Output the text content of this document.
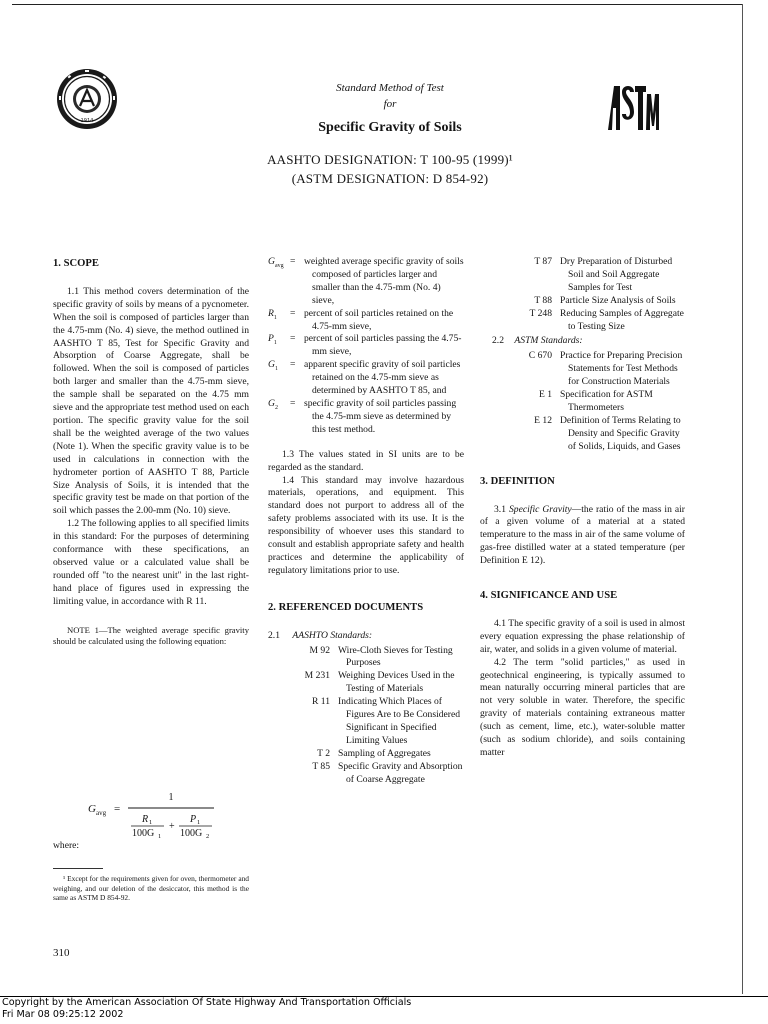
1914
ASTM
Standard Method of Test
for
Specific Gravity of Soils
AASHTO DESIGNATION: T 100-95 (1999)¹
(ASTM DESIGNATION: D 854-92)
1. SCOPE

1.1 This method covers determination of the specific gravity of soils by means of a pycnometer. When the soil is composed of particles larger than the 4.75-mm (No. 4) sieve, the method outlined in AASHTO T 85, Test for Specific Gravity and Absorption of Coarse Aggregate, shall be followed. When the soil is composed of particles both larger and smaller than the 4.75-mm sieve, the sample shall be separated on the 4.75 mm sieve and the appropriate test method used on each portion. The specific gravity value for the soil shall be the weighted average of the two values (Note 1). When the specific gravity value is to be used in calculations in connection with the hydrometer portion of AASHTO T 88, Particle Size Analysis of Soils, it is intended that the specific gravity test be made on that portion of the soil which passes the 2.00-mm (No. 10) sieve.

1.2 The following applies to all specified limits in this standard: For the purposes of determining conformance with these specifications, an observed value or a calculated value shall be rounded off "to the nearest unit" in the last right-hand place of figures used in expressing the limiting value, in accordance with R 11.

NOTE 1—The weighted average specific gravity should be calculated using the following equation:

G avg =
1
R 1
100G 1
+
P 1
100G 2
where:
¹ Except for the requirements given for oven, thermometer and weighing, and our deletion of the desiccator, this method is the same as ASTM D 854-92.
310
$G_{avg}$ = weighted average specific gravity of soils composed of particles larger and smaller than the 4.75-mm (No. 4) sieve,
$R_1$	= percent of soil particles retained on the 4.75-mm sieve,
$P_1$	= percent of soil particles passing the 4.75-mm sieve,
$G_1$	= apparent specific gravity of soil particles retained on the 4.75-mm sieve as determined by AASHTO T 85, and
$G_2$	= specific gravity of soil particles passing the 4.75-mm sieve as determined by this test method.

1.3 The values stated in SI units are to be regarded as the standard.

1.4 This standard may involve hazardous materials, operations, and equipment. This standard does not purport to address all of the safety problems associated with its use. It is the responsibility of whoever uses this standard to consult and establish appropriate safety and health practices and determine the applicability of regulatory limitations prior to use.

2. REFERENCED DOCUMENTS
2.1 AASHTO Standards:
M 92 Wire-Cloth Sieves for Testing Purposes
M 231 Weighing Devices Used in the Testing of Materials
R 11 Indicating Which Places of Figures Are to Be Considered Significant in Specified Limiting Values
T 2 Sampling of Aggregates
T 85 Specific Gravity and Absorption of Coarse Aggregate
T 87 Dry Preparation of Disturbed Soil and Soil Aggregate Samples for Test
T 88 Particle Size Analysis of Soils
T 248 Reducing Samples of Aggregate to Testing Size
2.2 ASTM Standards:
C 670 Practice for Preparing Precision Statements for Test Methods for Construction Materials
E 1 Specification for ASTM Thermometers
E 12 Definition of Terms Relating to Density and Specific Gravity of Solids, Liquids, and Gases
3. DEFINITION

3.1 Specific Gravity—the ratio of the mass in air of a given volume of a material at a stated temperature to the mass in air of the same volume of gas-free distilled water at a stated temperature (per Definition E 12).

4. SIGNIFICANCE AND USE

4.1 The specific gravity of a soil is used in almost every equation expressing the phase relationship of air, water, and solids in a given volume of material.

4.2 The term "solid particles," as used in geotechnical engineering, is typically assumed to mean naturally occurring mineral particles that are not very soluble in water. Therefore, the specific gravity of materials containing extraneous matter (such as cement, lime, etc.), water-soluble matter (such as sodium chloride), and soils containing matter

Copyright by the American Association Of State Highway And Transportation Officials
Fri Mar 08 09:25:12 2002
